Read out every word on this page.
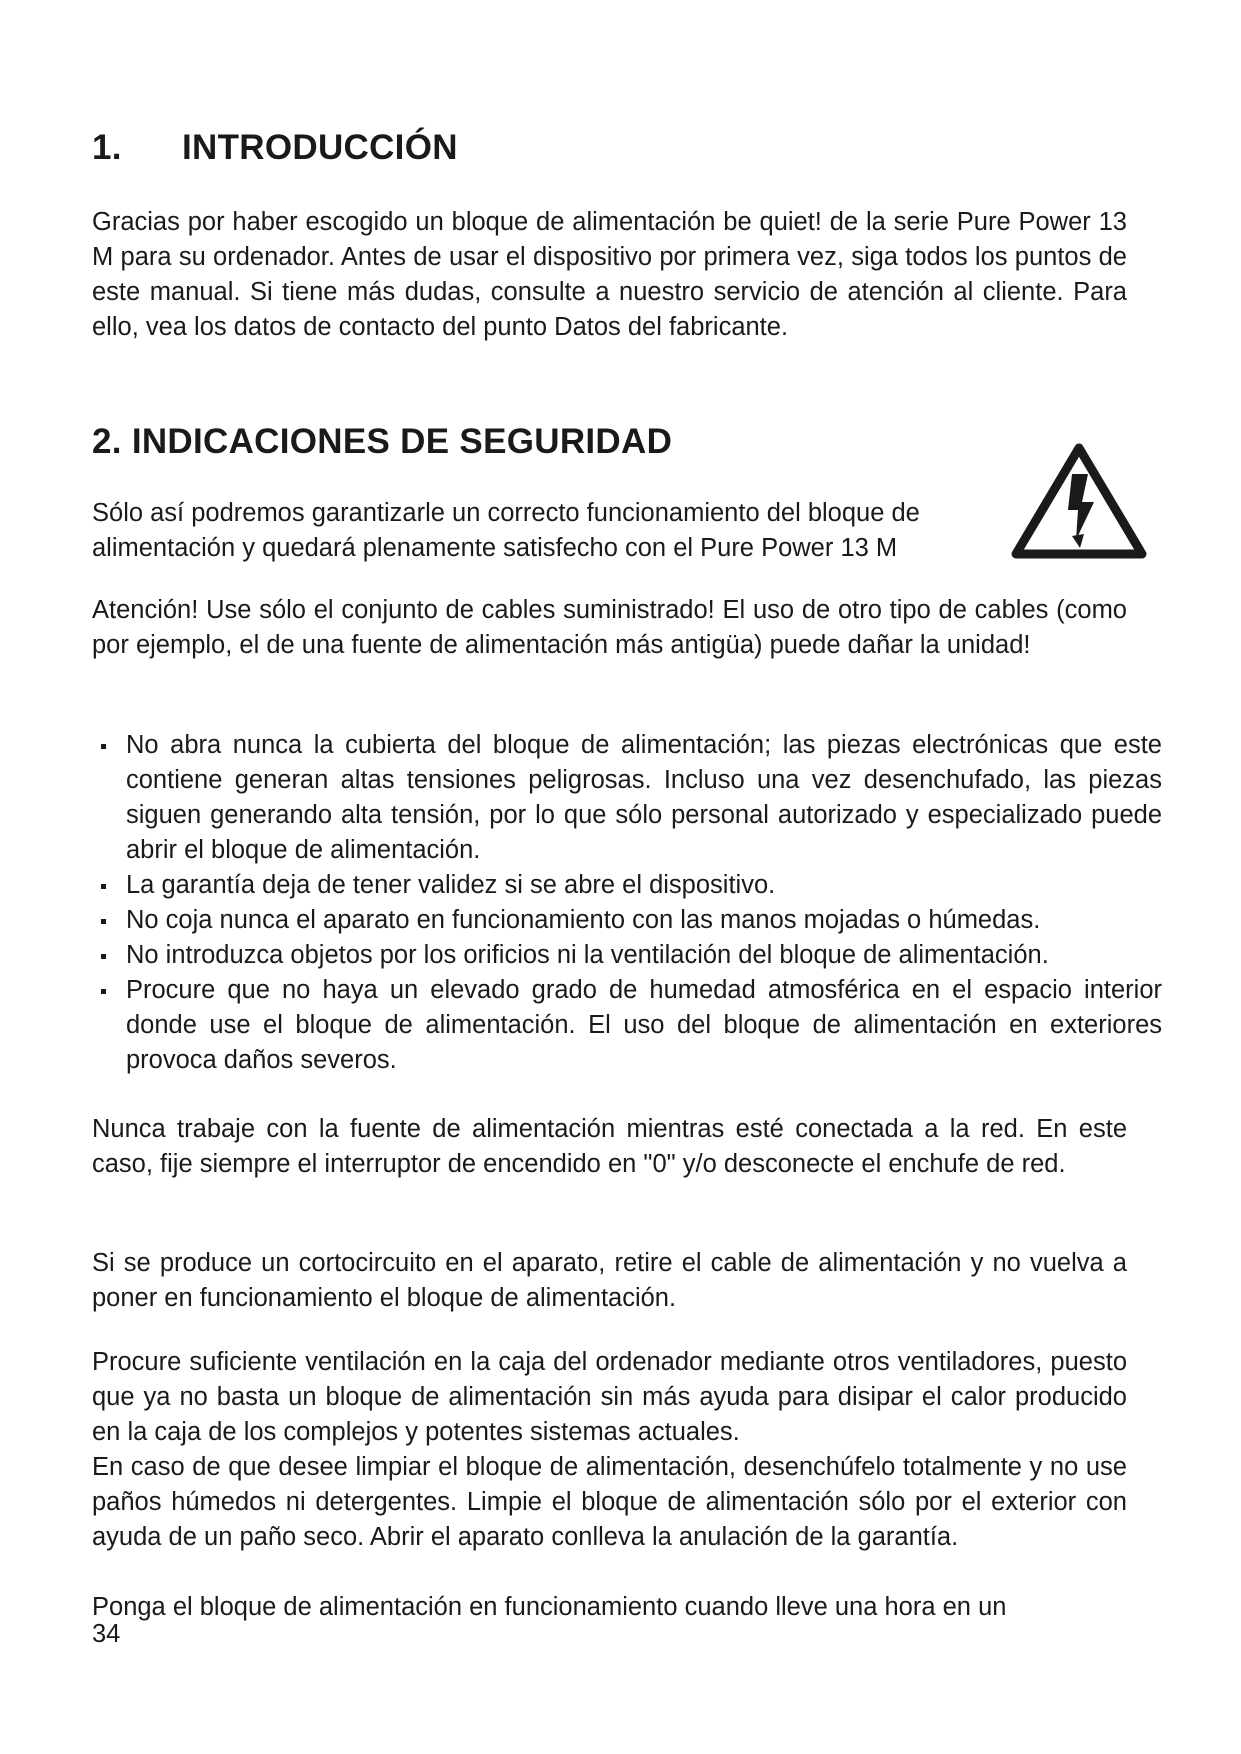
1. INTRODUCCIÓN

Gracias por haber escogido un bloque de alimentación be quiet! de la serie Pure Power 13 M para su ordenador. Antes de usar el dispositivo por primera vez, siga todos los puntos de este manual. Si tiene más dudas, consulte a nuestro servicio de atención al cliente. Para ello, vea los datos de contacto del punto Datos del fabricante.

2. INDICACIONES DE SEGURIDAD

Sólo así podremos garantizarle un correcto funcionamiento del bloque de alimentación y quedará plenamente satisfecho con el Pure Power 13 M

Atención! Use sólo el conjunto de cables suministrado! El uso de otro tipo de cables (como por ejemplo, el de una fuente de alimentación más antigüa) puede dañar la unidad!

No abra nunca la cubierta del bloque de alimentación; las piezas electrónicas que este contiene generan altas tensiones peligrosas. Incluso una vez desenchufado, las piezas siguen generando alta tensión, por lo que sólo personal autorizado y especializado puede abrir el bloque de alimentación.
La garantía deja de tener validez si se abre el dispositivo.
No coja nunca el aparato en funcionamiento con las manos mojadas o húmedas.
No introduzca objetos por los orificios ni la ventilación del bloque de alimentación.
Procure que no haya un elevado grado de humedad atmosférica en el espacio interior donde use el bloque de alimentación. El uso del bloque de alimentación en exteriores provoca daños severos.

Nunca trabaje con la fuente de alimentación mientras esté conectada a la red. En este caso, fije siempre el interruptor de encendido en "0" y/o desconecte el enchufe de red.

Si se produce un cortocircuito en el aparato, retire el cable de alimentación y no vuelva a poner en funcionamiento el bloque de alimentación.

Procure suficiente ventilación en la caja del ordenador mediante otros ventiladores, puesto que ya no basta un bloque de alimentación sin más ayuda para disipar el calor producido en la caja de los complejos y potentes sistemas actuales.

En caso de que desee limpiar el bloque de alimentación, desenchúfelo totalmente y no use paños húmedos ni detergentes. Limpie el bloque de alimentación sólo por el exterior con ayuda de un paño seco. Abrir el aparato conlleva la anulación de la garantía.

Ponga el bloque de alimentación en funcionamiento cuando lleve una hora en un

34
